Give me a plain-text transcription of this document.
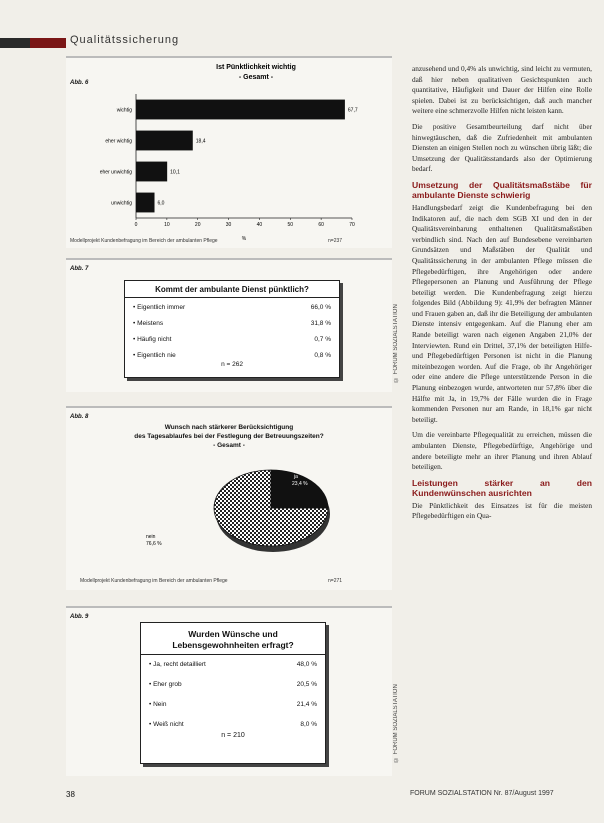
Qualitätssicherung
Abb. 6
Ist Pünktlichkeit wichtig
- Gesamt -
0	10	20	30	40	50	60	70
wichtig	67,7
eher wichtig	18,4
eher unwichtig	10,1
unwichtig	6,0
%
Modellprojekt Kundenbefragung im Bereich der ambulanten Pflege	n=237
Abb. 7
Kommt der ambulante Dienst pünktlich?
• Eigentlich immer	66,0 %
• Meistens	31,8 %
• Häufig nicht	0,7 %
• Eigentlich nie	0,8 %
n = 262
Abb. 8
Wunsch nach stärkerer Berücksichtigung
des Tagesablaufes bei der Festlegung der Betreuungszeiten?
- Gesamt -
ja
23,4 %
nein
76,6 %
Modellprojekt Kundenbefragung im Bereich der ambulanten Pflege	n=271
Abb. 9
Wurden Wünsche und
Lebensgewohnheiten erfragt?
• Ja, recht detailliert	48,0 %
• Eher grob	20,5 %
• Nein	21,4 %
• Weiß nicht	8,0 %
n = 210
© FORUM SOZIALSTATION
© FORUM SOZIALSTATION

anzusehend und 0,4% als unwichtig, sind leicht zu vermuten, daß hier neben qualitativen Gesichtspunkten auch quantitative, Häufigkeit und Dauer der Hilfen eine Rolle spielen. Dabei ist zu berücksichtigen, daß auch mancher weitere eine schmerzvolle Hilfen nicht leisten kann.

Die positive Gesamtbeurteilung darf nicht über hinwegtäuschen, daß die Zufriedenheit mit ambulanten Diensten an einigen Stellen noch zu wünschen übrig läßt; die Umsetzung der Qualitätsstandards also der Optimierung bedarf.

Umsetzung der Qualitätsmaßstäbe für ambulante Dienste schwierig

Handlungsbedarf zeigt die Kundenbefragung bei den Indikatoren auf, die nach dem SGB XI und den in der Qualitätsvereinbarung enthaltenen Qualitätsmaßstäben verbindlich sind. Nach den auf Bundesebene vereinbarten Grundsätzen und Maßstäben der Qualität und Qualitätssicherung in der ambulanten Pflege müssen die Pflegebedürftigen, ihre Angehörigen oder andere Pflegepersonen an Planung und Ausführung der Pflege beteiligt werden. Die Kundenbefragung zeigt hierzu folgendes Bild (Abbildung 9): 41,9% der befragten Männer und Frauen gaben an, daß ihr die Beteiligung der ambulanten Dienste intensiv entgegenkam. Auf die Planung eher am Rande beteiligt waren nach eigenen Angaben 21,0% der Interviewten. Rund ein Drittel, 37,1% der beteiligten Hilfe- und Pflegebedürftigen Personen ist nicht in die Planung miteinbezogen worden. Auf die Frage, ob ihr Angehöriger oder eine andere die Pflege unterstützende Person in die Planung einbezogen wurde, antworteten nur 57,8% über die Hälfte mit Ja, in 19,7% der Fälle wurden die in Frage kommenden Personen nur am Rande, in 18,1% gar nicht beteiligt.

Um die vereinbarte Pflegequalität zu erreichen, müssen die ambulanten Dienste, Pflegebedürftige, Angehörige und andere beteiligte mehr an ihrer Planung und ihren Ablauf beteiligen.

Leistungen stärker an den Kundenwünschen ausrichten

Die Pünktlichkeit des Einsatzes ist für die meisten Pflegebedürftigen ein Qua-

38	FORUM SOZIALSTATION Nr. 87/August 1997
